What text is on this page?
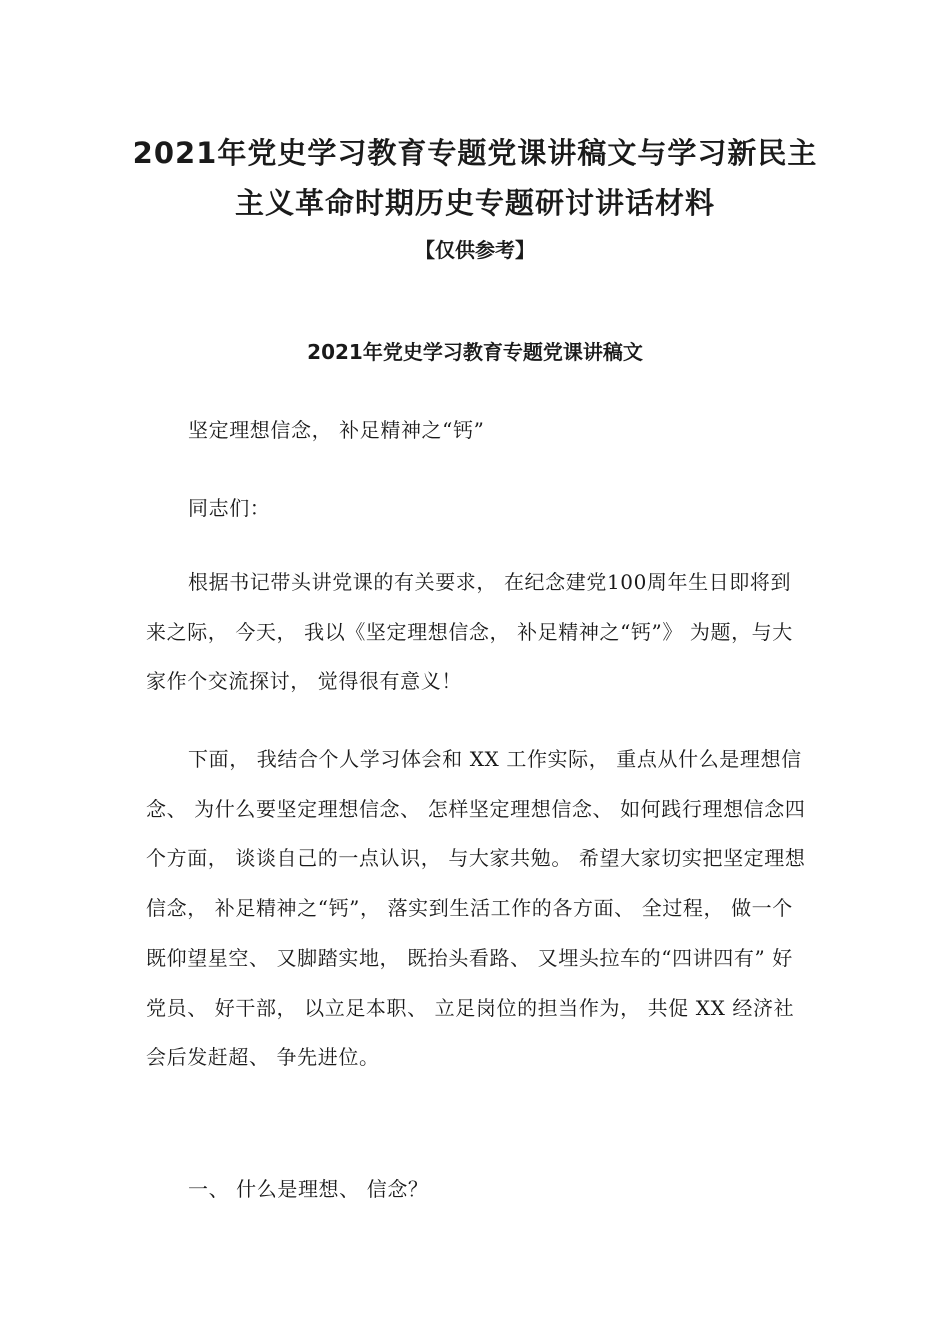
2021年党史学习教育专题党课讲稿文与学习新民主
主义革命时期历史专题研讨讲话材料

【仅供参考】

2021年党史学习教育专题党课讲稿文

坚定理想信念， 补足精神之“钙”

同志们：

根据书记带头讲党课的有关要求， 在纪念建党100周年生日即将到来之际， 今天， 我以《坚定理想信念， 补足精神之“钙”》 为题，与大家作个交流探讨， 觉得很有意义！

下面， 我结合个人学习体会和 XX 工作实际， 重点从什么是理想信念、 为什么要坚定理想信念、 怎样坚定理想信念、 如何践行理想信念四个方面， 谈谈自己的一点认识， 与大家共勉。 希望大家切实把坚定理想信念， 补足精神之“钙”， 落实到生活工作的各方面、 全过程， 做一个既仰望星空、 又脚踏实地， 既抬头看路、 又埋头拉车的“四讲四有” 好党员、 好干部， 以立足本职、 立足岗位的担当作为， 共促 XX 经济社会后发赶超、 争先进位。

一、 什么是理想、 信念？
